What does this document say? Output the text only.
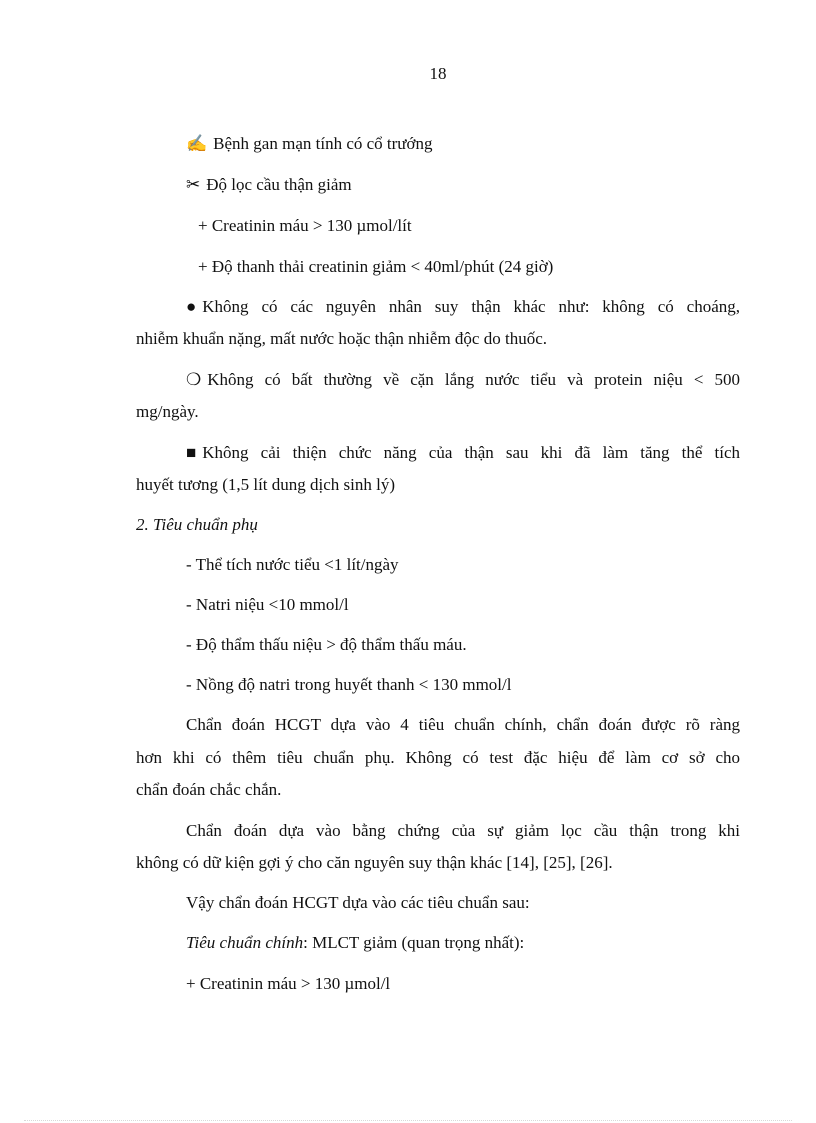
18
✍ Bệnh gan mạn tính có cổ trướng
✂ Độ lọc cầu thận giảm
+ Creatinin máu > 130 µmol/lít
+ Độ thanh thải creatinin giảm < 40ml/phút (24 giờ)
● Không có các nguyên nhân suy thận khác như: không có choáng,
nhiễm khuẩn nặng, mất nước hoặc thận nhiễm độc do thuốc.
❍ Không có bất thường về cặn lắng nước tiểu và protein niệu < 500
mg/ngày.
■ Không cải thiện chức năng của thận sau khi đã làm tăng thể tích
huyết tương (1,5 lít dung dịch sinh lý)
2. Tiêu chuẩn phụ
- Thể tích nước tiểu <1 lít/ngày
- Natri niệu <10 mmol/l
- Độ thẩm thấu niệu > độ thẩm thấu máu.
- Nồng độ natri trong huyết thanh < 130 mmol/l
Chẩn đoán HCGT dựa vào 4 tiêu chuẩn chính, chẩn đoán được rõ ràng
hơn khi có thêm tiêu chuẩn phụ. Không có test đặc hiệu để làm cơ sở cho
chẩn đoán chắc chắn.
Chẩn đoán dựa vào bằng chứng của sự giảm lọc cầu thận trong khi
không có dữ kiện gợi ý cho căn nguyên suy thận khác [14], [25], [26].
Vậy chẩn đoán HCGT dựa vào các tiêu chuẩn sau:
Tiêu chuẩn chính: MLCT giảm (quan trọng nhất):
+ Creatinin máu > 130 µmol/l
